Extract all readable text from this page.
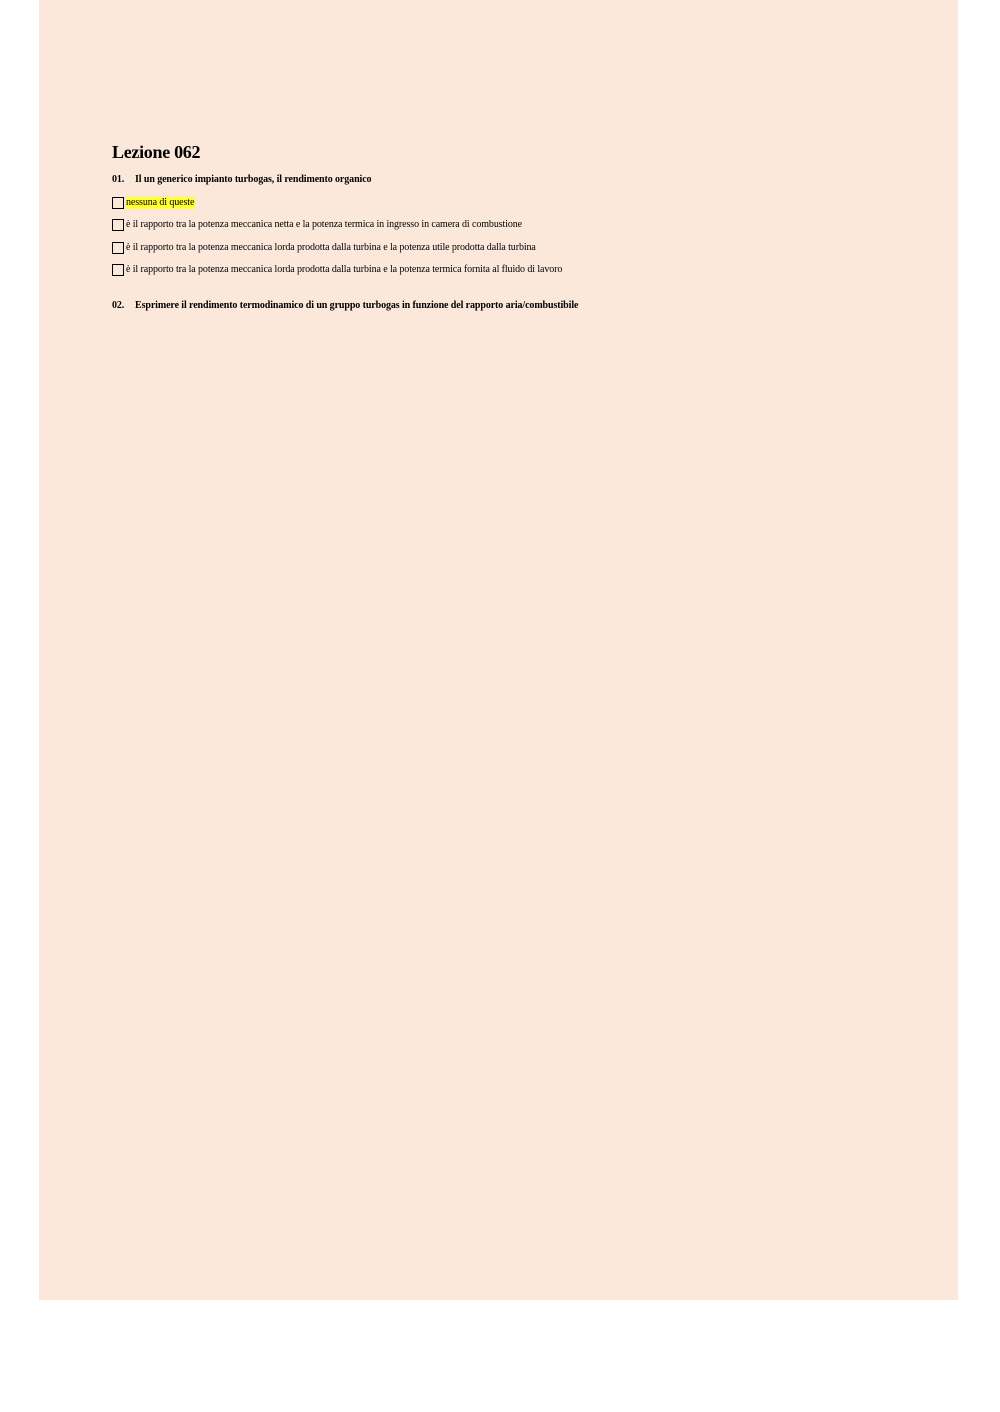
Lezione 062
01. Il un generico impianto turbogas, il rendimento organico
nessuna di queste
è il rapporto tra la potenza meccanica netta e la potenza termica in ingresso in camera di combustione
è il rapporto tra la potenza meccanica lorda prodotta dalla turbina e la potenza utile prodotta dalla turbina
è il rapporto tra la potenza meccanica lorda prodotta dalla turbina e la potenza termica fornita al fluido di lavoro
02. Esprimere il rendimento termodinamico di un gruppo turbogas in funzione del rapporto aria/combustibile
